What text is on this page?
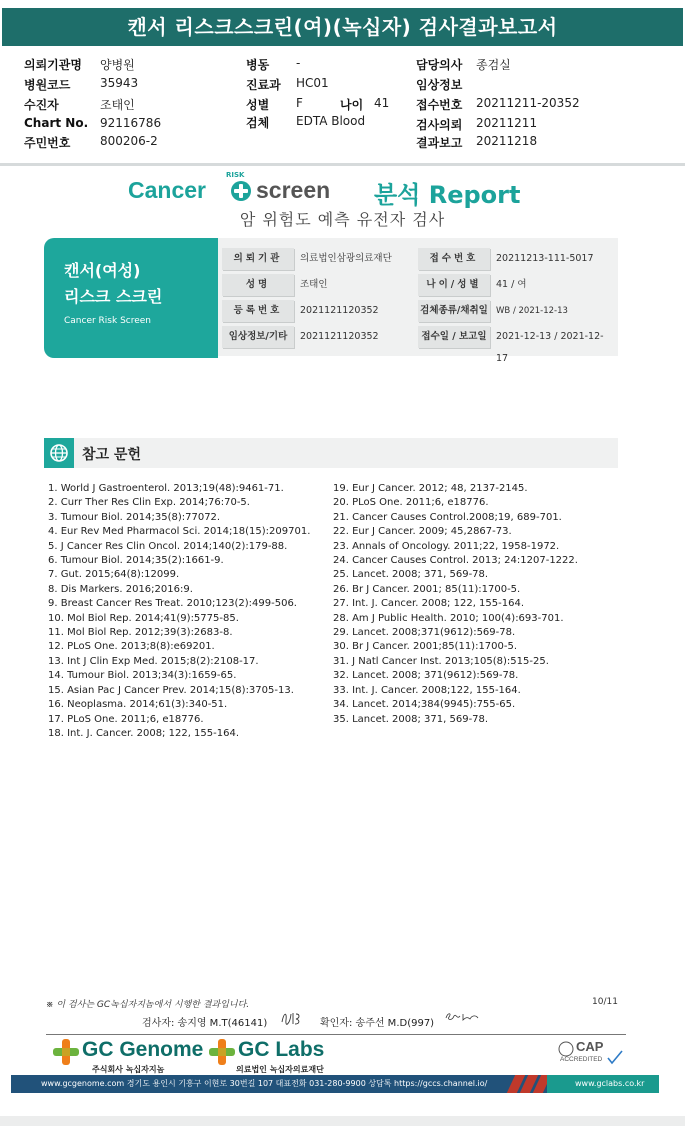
캔서 리스크스크린(여)(녹십자) 검사결과보고서
의뢰기관명 양병원
병원코드 35943
수진자	조태인
Chart No. 92116786
주민번호 800206-2
병동 -
진료과 HC01
성별 F	나이 41
검체 EDTA Blood
담당의사 종검실
임상정보
접수번호 20211211-20352
검사의뢰 20211211
결과보고 20211218
Cancer
RISK
screen 분석 Report
암 위험도 예측 유전자 검사
캔서(여성)
리스크 스크린
Cancer Risk Screen
의뢰기관	의료법인삼광의료재단	접수번호	20211213-111-5017
성명	조태인	나이/성별	41 / 여
등록번호	2021121120352	검체종류/채취일 WB / 2021-12-13
임상정보/기타	2021121120352	접수일 / 보고일 2021-12-13 / 2021-12-17
참고 문헌
1. World J Gastroenterol. 2013;19(48):9461-71.
2. Curr Ther Res Clin Exp. 2014;76:70-5.
3. Tumour Biol. 2014;35(8):77072.
4. Eur Rev Med Pharmacol Sci. 2014;18(15):209701.
5. J Cancer Res Clin Oncol. 2014;140(2):179-88.
6. Tumour Biol. 2014;35(2):1661-9.
7. Gut. 2015;64(8):12099.
8. Dis Markers. 2016;2016:9.
9. Breast Cancer Res Treat. 2010;123(2):499-506.
10. Mol Biol Rep. 2014;41(9):5775-85.
11. Mol Biol Rep. 2012;39(3):2683-8.
12. PLoS One. 2013;8(8):e69201.
13. Int J Clin Exp Med. 2015;8(2):2108-17.
14. Tumour Biol. 2013;34(3):1659-65.
15. Asian Pac J Cancer Prev. 2014;15(8):3705-13.
16. Neoplasma. 2014;61(3):340-51.
17. PLoS One. 2011;6, e18776.
18. Int. J. Cancer. 2008; 122, 155-164.
19. Eur J Cancer. 2012; 48, 2137-2145.
20. PLoS One. 2011;6, e18776.
21. Cancer Causes Control.2008;19, 689-701.
22. Eur J Cancer. 2009; 45,2867-73.
23. Annals of Oncology. 2011;22, 1958-1972.
24. Cancer Causes Control. 2013; 24:1207-1222.
25. Lancet. 2008; 371, 569-78.
26. Br J Cancer. 2001; 85(11):1700-5.
27. Int. J. Cancer. 2008; 122, 155-164.
28. Am J Public Health. 2010; 100(4):693-701.
29. Lancet. 2008;371(9612):569-78.
30. Br J Cancer. 2001;85(11):1700-5.
31. J Natl Cancer Inst. 2013;105(8):515-25.
32. Lancet. 2008; 371(9612):569-78.
33. Int. J. Cancer. 2008;122, 155-164.
34. Lancet. 2014;384(9945):755-65.
35. Lancet. 2008; 371, 569-78.
※ 이 검사는 GC녹십자지놈에서 시행한 결과입니다.	10/11
검사자: 송지영 M.T(46141)	확인자: 송주선 M.D(997)
GC Genome
주식회사 녹십자지놈
GC Labs
의료법인 녹십자의료재단
CAP
ACCREDITED
www.gcgenome.com 경기도 용인시 기흥구 이현로 30번길 107 대표전화 031-280-9900 상담톡 https://gccs.channel.io/	www.gclabs.co.kr
